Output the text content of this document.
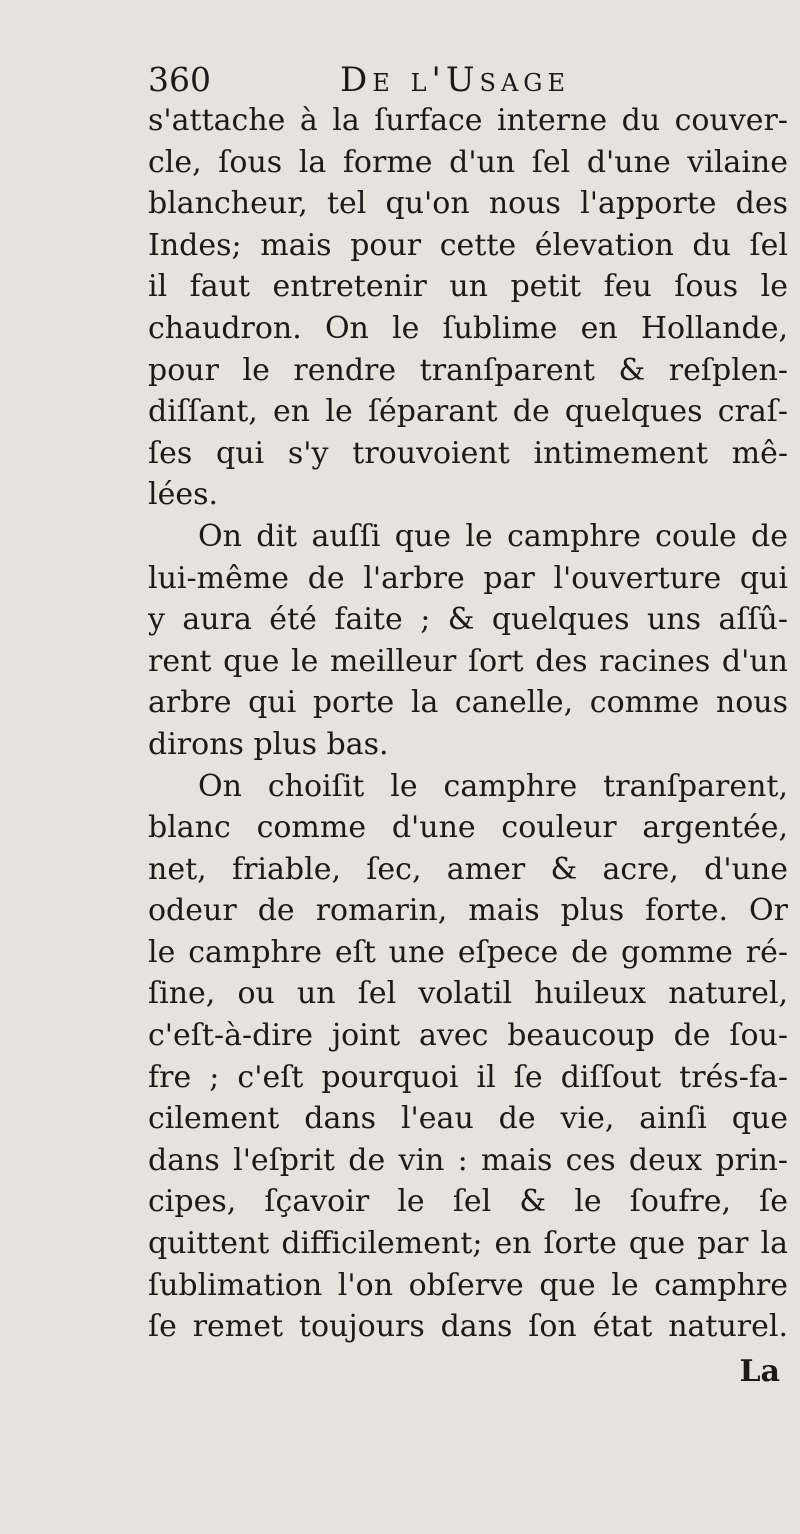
360	De l'Usage
s'attache à la ſurface interne du couver-
cle, ſous la forme d'un ſel d'une vilaine
blancheur, tel qu'on nous l'apporte des
Indes; mais pour cette élevation du ſel
il faut entretenir un petit feu ſous le
chaudron. On le ſublime en Hollande,
pour le rendre tranſparent & reſplen-
diſſant, en le ſéparant de quelques craſ-
ſes qui s'y trouvoient intimement mê-
lées.
On dit auſſi que le camphre coule de
lui-même de l'arbre par l'ouverture qui
y aura été faite ; & quelques uns aſſû-
rent que le meilleur ſort des racines d'un
arbre qui porte la canelle, comme nous
dirons plus bas.
On choiſit le camphre tranſparent,
blanc comme d'une couleur argentée,
net, friable, ſec, amer & acre, d'une
odeur de romarin, mais plus forte. Or
le camphre eſt une eſpece de gomme ré-
ſine, ou un ſel volatil huileux naturel,
c'eſt-à-dire joint avec beaucoup de ſou-
fre ; c'eſt pourquoi il ſe diſſout trés-fa-
cilement dans l'eau de vie, ainſi que
dans l'eſprit de vin : mais ces deux prin-
cipes, ſçavoir le ſel & le ſoufre, ſe
quittent difficilement; en ſorte que par la
ſublimation l'on obſerve que le camphre
ſe remet toujours dans ſon état naturel.
La
